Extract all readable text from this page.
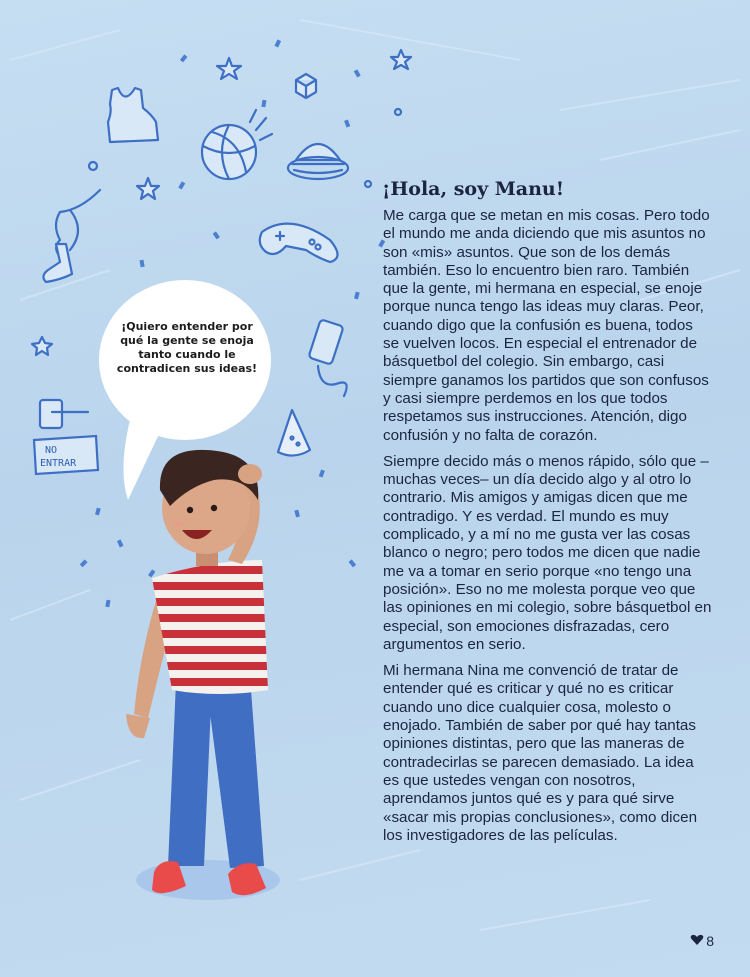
NO
ENTRAR
¡Quiero entender por qué la gente se enoja tanto cuando le contradicen sus ideas!
¡Hola, soy Manu!

Me carga que se metan en mis cosas. Pero todo el mundo me anda diciendo que mis asuntos no son «mis» asuntos. Que son de los demás también. Eso lo encuentro bien raro. También que la gente, mi hermana en especial, se enoje porque nunca tengo las ideas muy claras. Peor, cuando digo que la confusión es buena, todos se vuelven locos. En especial el entrenador de básquetbol del colegio. Sin embargo, casi siempre ganamos los partidos que son confusos y casi siempre perdemos en los que todos respetamos sus instrucciones. Atención, digo confusión y no falta de corazón.

Siempre decido más o menos rápido, sólo que –muchas veces– un día decido algo y al otro lo contrario. Mis amigos y amigas dicen que me contradigo. Y es verdad. El mundo es muy complicado, y a mí no me gusta ver las cosas blanco o negro; pero todos me dicen que nadie me va a tomar en serio porque «no tengo una posición». Eso no me molesta porque veo que las opiniones en mi colegio, sobre básquetbol en especial, son emociones disfrazadas, cero argumentos en serio.

Mi hermana Nina me convenció de tratar de entender qué es criticar y qué no es criticar cuando uno dice cualquier cosa, molesto o enojado. También de saber por qué hay tantas opiniones distintas, pero que las maneras de contradecirlas se parecen demasiado. La idea es que ustedes vengan con nosotros, aprendamos juntos qué es y para qué sirve «sacar mis propias conclusiones», como dicen los investigadores de las películas.

8
